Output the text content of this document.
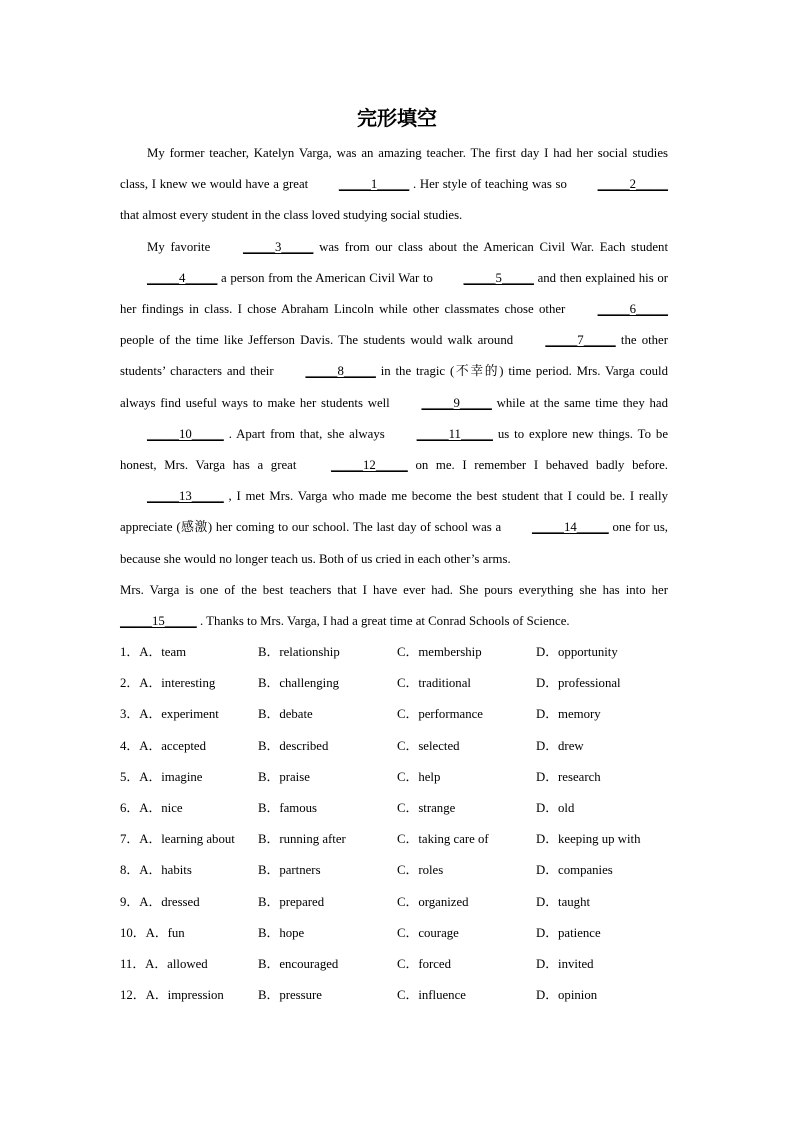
完形填空

My former teacher, Katelyn Varga, was an amazing teacher. The first day I had her social studies class, I knew we would have a great _____1_____ . Her style of teaching was so _____2_____ that almost every student in the class loved studying social studies.

My favorite _____3_____ was from our class about the American Civil War. Each student _____4_____ a person from the American Civil War to _____5_____ and then explained his or her findings in class. I chose Abraham Lincoln while other classmates chose other _____6_____ people of the time like Jefferson Davis. The students would walk around _____7_____ the other students’ characters and their _____8_____ in the tragic (不幸的) time period. Mrs. Varga could always find useful ways to make her students well _____9_____ while at the same time they had _____10_____ . Apart from that, she always _____11_____ us to explore new things. To be honest, Mrs. Varga has a great _____12_____ on me. I remember I behaved badly before. _____13_____ , I met Mrs. Varga who made me become the best student that I could be. I really appreciate (感激) her coming to our school. The last day of school was a _____14_____ one for us, because she would no longer teach us. Both of us cried in each other’s arms.

Mrs. Varga is one of the best teachers that I have ever had. She pours everything she has into her _____15_____ . Thanks to Mrs. Varga, I had a great time at Conrad Schools of Science.

1．A．team	B．relationship	C．membership	D．opportunity
2．A．interesting	B．challenging	C．traditional	D．professional
3．A．experiment	B．debate	C．performance	D．memory
4．A．accepted	B．described	C．selected	D．drew
5．A．imagine	B．praise	C．help	D．research
6．A．nice	B．famous	C．strange	D．old
7．A．learning about	B．running after	C．taking care of	D．keeping up with
8．A．habits	B．partners	C．roles	D．companies
9．A．dressed	B．prepared	C．organized	D．taught
10．A．fun	B．hope	C．courage	D．patience
11．A．allowed	B．encouraged	C．forced	D．invited
12．A．impression	B．pressure	C．influence	D．opinion
